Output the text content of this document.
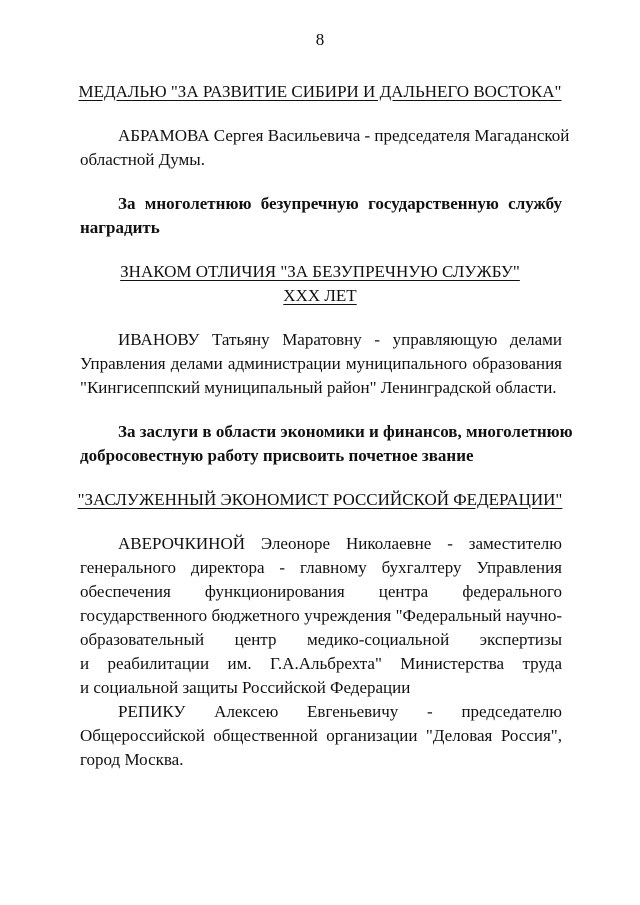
8
МЕДАЛЬЮ "ЗА РАЗВИТИЕ СИБИРИ И ДАЛЬНЕГО ВОСТОКА"
АБРАМОВА Сергея Васильевича - председателя Магаданской
областной Думы.
За многолетнюю безупречную государственную службу
наградить
ЗНАКОМ ОТЛИЧИЯ "ЗА БЕЗУПРЕЧНУЮ СЛУЖБУ"
XXX ЛЕТ
ИВАНОВУ Татьяну Маратовну - управляющую делами
Управления делами администрации муниципального образования
"Кингисеппский муниципальный район" Ленинградской области.
За заслуги в области экономики и финансов, многолетнюю
добросовестную работу присвоить почетное звание
"ЗАСЛУЖЕННЫЙ ЭКОНОМИСТ РОССИЙСКОЙ ФЕДЕРАЦИИ"
АВЕРОЧКИНОЙ Элеоноре Николаевне - заместителю
генерального директора - главному бухгалтеру Управления
обеспечения функционирования центра федерального
государственного бюджетного учреждения "Федеральный научно-
образовательный центр медико-социальной экспертизы
и реабилитации им. Г.А.Альбрехта" Министерства труда
и социальной защиты Российской Федерации
РЕПИКУ Алексею Евгеньевичу - председателю
Общероссийской общественной организации "Деловая Россия",
город Москва.
